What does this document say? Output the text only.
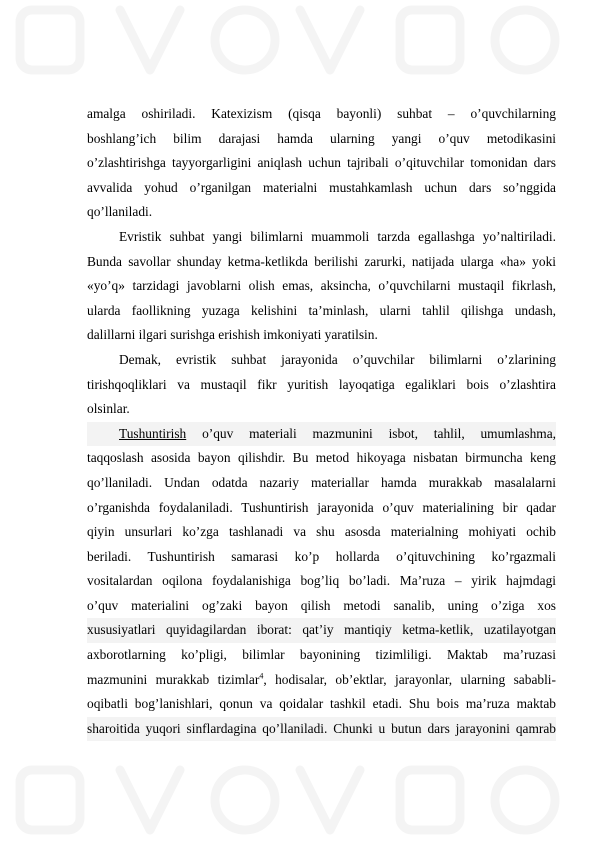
amalga oshiriladi. Katexizism (qisqa bayonli) suhbat – o’quvchilarning
boshlang’ich bilim darajasi hamda ularning yangi o’quv metodikasini
o’zlashtirishga tayyorgarligini aniqlash uchun tajribali o’qituvchilar tomonidan dars
avvalida yohud o’rganilgan materialni mustahkamlash uchun dars so’nggida
qo’llaniladi.

Evristik suhbat yangi bilimlarni muammoli tarzda egallashga yo’naltiriladi.
Bunda savollar shunday ketma-ketlikda berilishi zarurki, natijada ularga «ha» yoki
«yo’q» tarzidagi javoblarni olish emas, aksincha, o’quvchilarni mustaqil fikrlash,
ularda faollikning yuzaga kelishini ta’minlash, ularni tahlil qilishga undash,
dalillarni ilgari surishga erishish imkoniyati yaratilsin.

Demak, evristik suhbat jarayonida o’quvchilar bilimlarni o’zlarining
tirishqoqliklari va mustaqil fikr yuritish layoqatiga egaliklari bois o’zlashtira
olsinlar.

Tushuntirish o’quv materiali mazmunini isbot, tahlil, umumlashma,
taqqoslash asosida bayon qilishdir. Bu metod hikoyaga nisbatan birmuncha keng
qo’llaniladi. Undan odatda nazariy materiallar hamda murakkab masalalarni
o’rganishda foydalaniladi. Tushuntirish jarayonida o’quv materialining bir qadar
qiyin unsurlari ko’zga tashlanadi va shu asosda materialning mohiyati ochib
beriladi. Tushuntirish samarasi ko’p hollarda o’qituvchining ko’rgazmali
vositalardan oqilona foydalanishiga bog’liq bo’ladi. Ma’ruza – yirik hajmdagi
o’quv materialini og’zaki bayon qilish metodi sanalib, uning o’ziga xos
xususiyatlari quyidagilardan iborat: qat’iy mantiqiy ketma-ketlik, uzatilayotgan
axborotlarning ko’pligi, bilimlar bayonining tizimliligi. Maktab ma’ruzasi
mazmunini murakkab tizimlar$^4$, hodisalar, ob’ektlar, jarayonlar, ularning sababli-
oqibatli bog’lanishlari, qonun va qoidalar tashkil etadi. Shu bois ma’ruza maktab
sharoitida yuqori sinflardagina qo’llaniladi. Chunki u butun dars jarayonini qamrab
